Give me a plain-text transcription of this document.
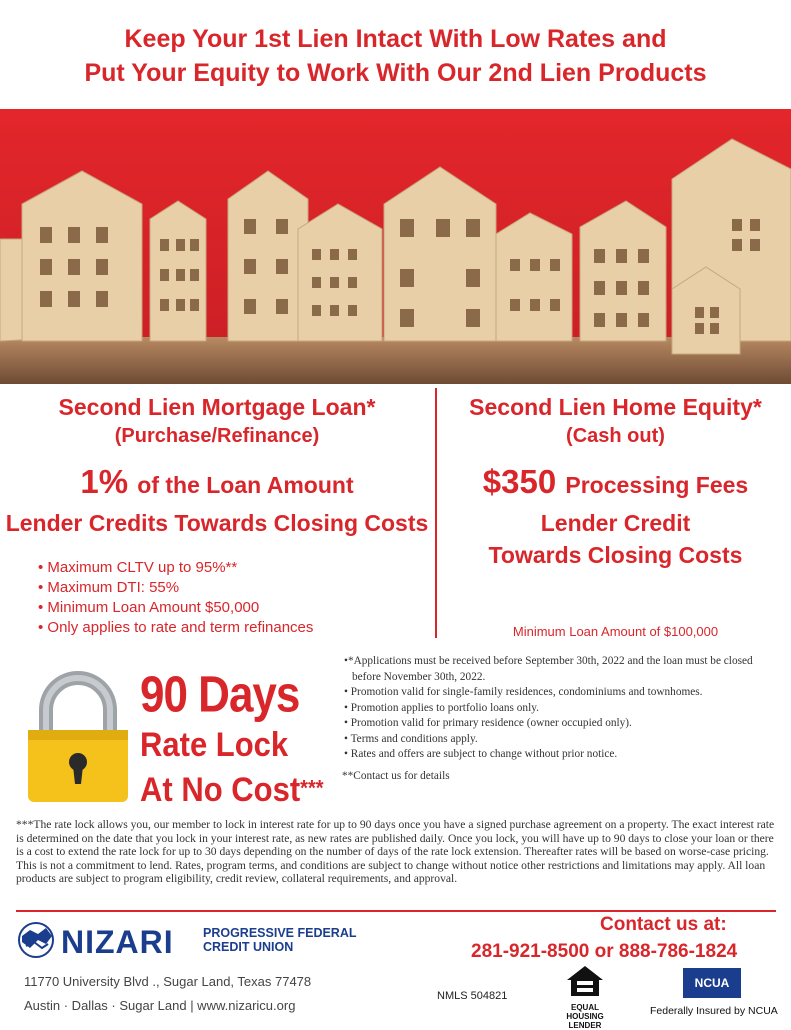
Keep Your 1st Lien Intact With Low Rates and
Put Your Equity to Work With Our 2nd Lien Products
Second Lien Mortgage Loan*
(Purchase/Refinance)
1% of the Loan Amount
Lender Credits Towards Closing Costs
• Maximum CLTV up to 95%**
• Maximum DTI: 55%
• Minimum Loan Amount $50,000
• Only applies to rate and term refinances
Second Lien Home Equity*
(Cash out)
$350 Processing Fees
Lender Credit
Towards Closing Costs
Minimum Loan Amount of $100,000
90 Days
Rate Lock
At No Cost***

•*Applications must be received before September 30th, 2022 and the loan must be closed before November 30th, 2022.

• Promotion valid for single-family residences, condominiums and townhomes.

• Promotion applies to portfolio loans only.

• Promotion valid for primary residence (owner occupied only).

• Terms and conditions apply.

• Rates and offers are subject to change without prior notice.

**Contact us for details

***The rate lock allows you, our member to lock in interest rate for up to 90 days once you have a signed purchase agreement on a property. The exact interest rate is determined on the date that you lock in your interest rate, as new rates are published daily. Once you lock, you will have up to 90 days to close your loan or there is a cost to extend the rate lock for up to 30 days depending on the number of days of the rate lock extension. Thereafter rates will be based on worse-case pricing. This is not a commitment to lend. Rates, program terms, and conditions are subject to change without notice other restrictions and limitations may apply. All loan products are subject to program eligibility, credit review, collateral requirements, and approval.
NIZARI PROGRESSIVE FEDERAL
CREDIT UNION
11770 University Blvd ., Sugar Land, Texas 77478
Austin · Dallas · Sugar Land | www.nizaricu.org
Contact us at:
281-921-8500 or 888-786-1824
NMLS 504821
EQUAL HOUSING
LENDER
NCUA
Federally Insured by NCUA
